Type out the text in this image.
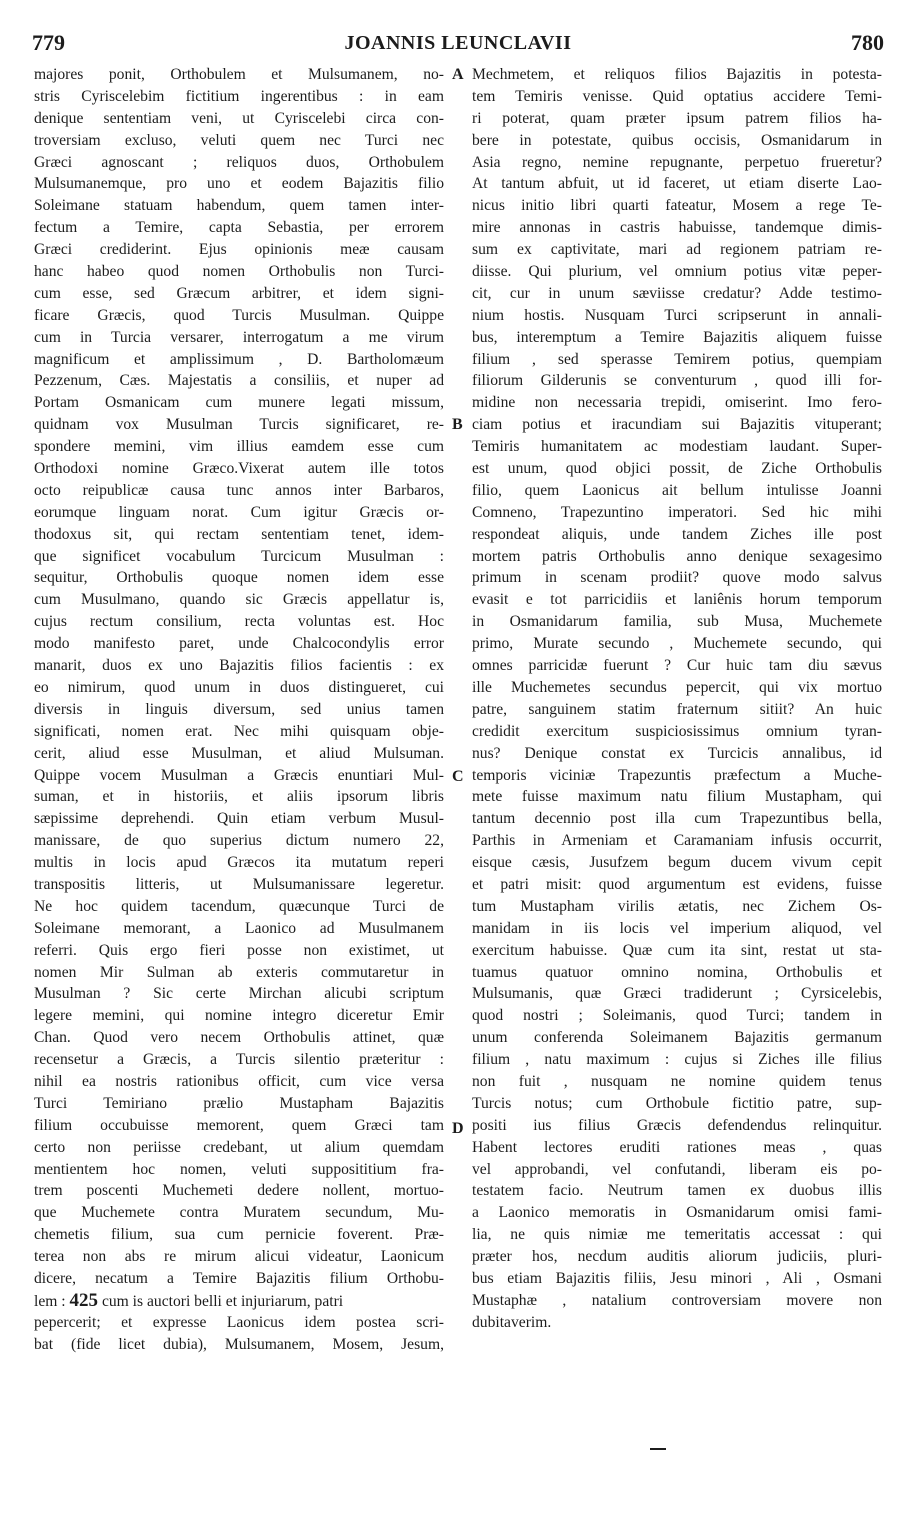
779	JOANNIS LEUNCLAVII	780
A
B
C
D
majores ponit, Orthobulem et Mulsumanem, no-
stris Cyriscelebim fictitium ingerentibus : in eam
denique sententiam veni, ut Cyriscelebi circa con-
troversiam excluso, veluti quem nec Turci nec
Græci agnoscant ; reliquos duos, Orthobulem
Mulsumanemque, pro uno et eodem Bajazitis filio
Soleimane statuam habendum, quem tamen inter-
fectum a Temire, capta Sebastia, per errorem
Græci crediderint. Ejus opinionis meæ causam
hanc habeo quod nomen Orthobulis non Turci-
cum esse, sed Græcum arbitrer, et idem signi-
ficare Græcis, quod Turcis Musulman. Quippe
cum in Turcia versarer, interrogatum a me virum
magnificum et amplissimum , D. Bartholomæum
Pezzenum, Cæs. Majestatis a consiliis, et nuper ad
Portam Osmanicam cum munere legati missum,
quidnam vox Musulman Turcis significaret, re-
spondere memini, vim illius eamdem esse cum
Orthodoxi nomine Græco.Vixerat autem ille totos
octo reipublicæ causa tunc annos inter Barbaros,
eorumque linguam norat. Cum igitur Græcis or-
thodoxus sit, qui rectam sententiam tenet, idem-
que significet vocabulum Turcicum Musulman :
sequitur, Orthobulis quoque nomen idem esse
cum Musulmano, quando sic Græcis appellatur is,
cujus rectum consilium, recta voluntas est. Hoc
modo manifesto paret, unde Chalcocondylis error
manarit, duos ex uno Bajazitis filios facientis : ex
eo nimirum, quod unum in duos distingueret, cui
diversis in linguis diversum, sed unius tamen
significati, nomen erat. Nec mihi quisquam obje-
cerit, aliud esse Musulman, et aliud Mulsuman.
Quippe vocem Musulman a Græcis enuntiari Mul-
suman, et in historiis, et aliis ipsorum libris
sæpissime deprehendi. Quin etiam verbum Musul-
manissare, de quo superius dictum numero 22,
multis in locis apud Græcos ita mutatum reperi
transpositis litteris, ut Mulsumanissare legeretur.
Ne hoc quidem tacendum, quæcunque Turci de
Soleimane memorant, a Laonico ad Musulmanem
referri. Quis ergo fieri posse non existimet, ut
nomen Mir Sulman ab exteris commutaretur in
Musulman ? Sic certe Mirchan alicubi scriptum
legere memini, qui nomine integro diceretur Emir
Chan. Quod vero necem Orthobulis attinet, quæ
recensetur a Græcis, a Turcis silentio præteritur :
nihil ea nostris rationibus officit, cum vice versa
Turci Temiriano prælio Mustapham Bajazitis
filium occubuisse memorent, quem Græci tam
certo non periisse credebant, ut alium quemdam
mentientem hoc nomen, veluti supposititium fra-
trem poscenti Muchemeti dedere nollent, mortuo-
que Muchemete contra Muratem secundum, Mu-
chemetis filium, sua cum pernicie foverent. Præ-
terea non abs re mirum alicui videatur, Laonicum
dicere, necatum a Temire Bajazitis filium Orthobu-
lem : 425 cum is auctori belli et injuriarum, patri
pepercerit; et expresse Laonicus idem postea scri-
bat (fide licet dubia), Mulsumanem, Mosem, Jesum,
Mechmetem, et reliquos filios Bajazitis in potesta-
tem Temiris venisse. Quid optatius accidere Temi-
ri poterat, quam præter ipsum patrem filios ha-
bere in potestate, quibus occisis, Osmanidarum in
Asia regno, nemine repugnante, perpetuo frueretur?
At tantum abfuit, ut id faceret, ut etiam diserte Lao-
nicus initio libri quarti fateatur, Mosem a rege Te-
mire annonas in castris habuisse, tandemque dimis-
sum ex captivitate, mari ad regionem patriam re-
diisse. Qui plurium, vel omnium potius vitæ peper-
cit, cur in unum sæviisse credatur? Adde testimo-
nium hostis. Nusquam Turci scripserunt in annali-
bus, interemptum a Temire Bajazitis aliquem fuisse
filium , sed sperasse Temirem potius, quempiam
filiorum Gilderunis se conventurum , quod illi for-
midine non necessaria trepidi, omiserint. Imo fero-
ciam potius et iracundiam sui Bajazitis vituperant;
Temiris humanitatem ac modestiam laudant. Super-
est unum, quod objici possit, de Ziche Orthobulis
filio, quem Laonicus ait bellum intulisse Joanni
Comneno, Trapezuntino imperatori. Sed hic mihi
respondeat aliquis, unde tandem Ziches ille post
mortem patris Orthobulis anno denique sexagesimo
primum in scenam prodiit? quove modo salvus
evasit e tot parricidiis et laniênis horum temporum
in Osmanidarum familia, sub Musa, Muchemete
primo, Murate secundo , Muchemete secundo, qui
omnes parricidæ fuerunt ? Cur huic tam diu sævus
ille Muchemetes secundus pepercit, qui vix mortuo
patre, sanguinem statim fraternum sitiit? An huic
credidit exercitum suspiciosissimus omnium tyran-
nus? Denique constat ex Turcicis annalibus, id
temporis viciniæ Trapezuntis præfectum a Muche-
mete fuisse maximum natu filium Mustapham, qui
tantum decennio post illa cum Trapezuntibus bella,
Parthis in Armeniam et Caramaniam infusis occurrit,
eisque cæsis, Jusufzem begum ducem vivum cepit
et patri misit: quod argumentum est evidens, fuisse
tum Mustapham virilis ætatis, nec Zichem Os-
manidam in iis locis vel imperium aliquod, vel
exercitum habuisse. Quæ cum ita sint, restat ut sta-
tuamus quatuor omnino nomina, Orthobulis et
Mulsumanis, quæ Græci tradiderunt ; Cyrsicelebis,
quod nostri ; Soleimanis, quod Turci; tandem in
unum conferenda Soleimanem Bajazitis germanum
filium , natu maximum : cujus si Ziches ille filius
non fuit , nusquam ne nomine quidem tenus
Turcis notus; cum Orthobule fictitio patre, sup-
positi ius filius Græcis defendendus relinquitur.
Habent lectores eruditi rationes meas , quas
vel approbandi, vel confutandi, liberam eis po-
testatem facio. Neutrum tamen ex duobus illis
a Laonico memoratis in Osmanidarum omisi fami-
lia, ne quis nimiæ me temeritatis accessat : qui
præter hos, necdum auditis aliorum judiciis, pluri-
bus etiam Bajazitis filiis, Jesu minori , Ali , Osmani
Mustaphæ , natalium controversiam movere non
dubitaverim.
